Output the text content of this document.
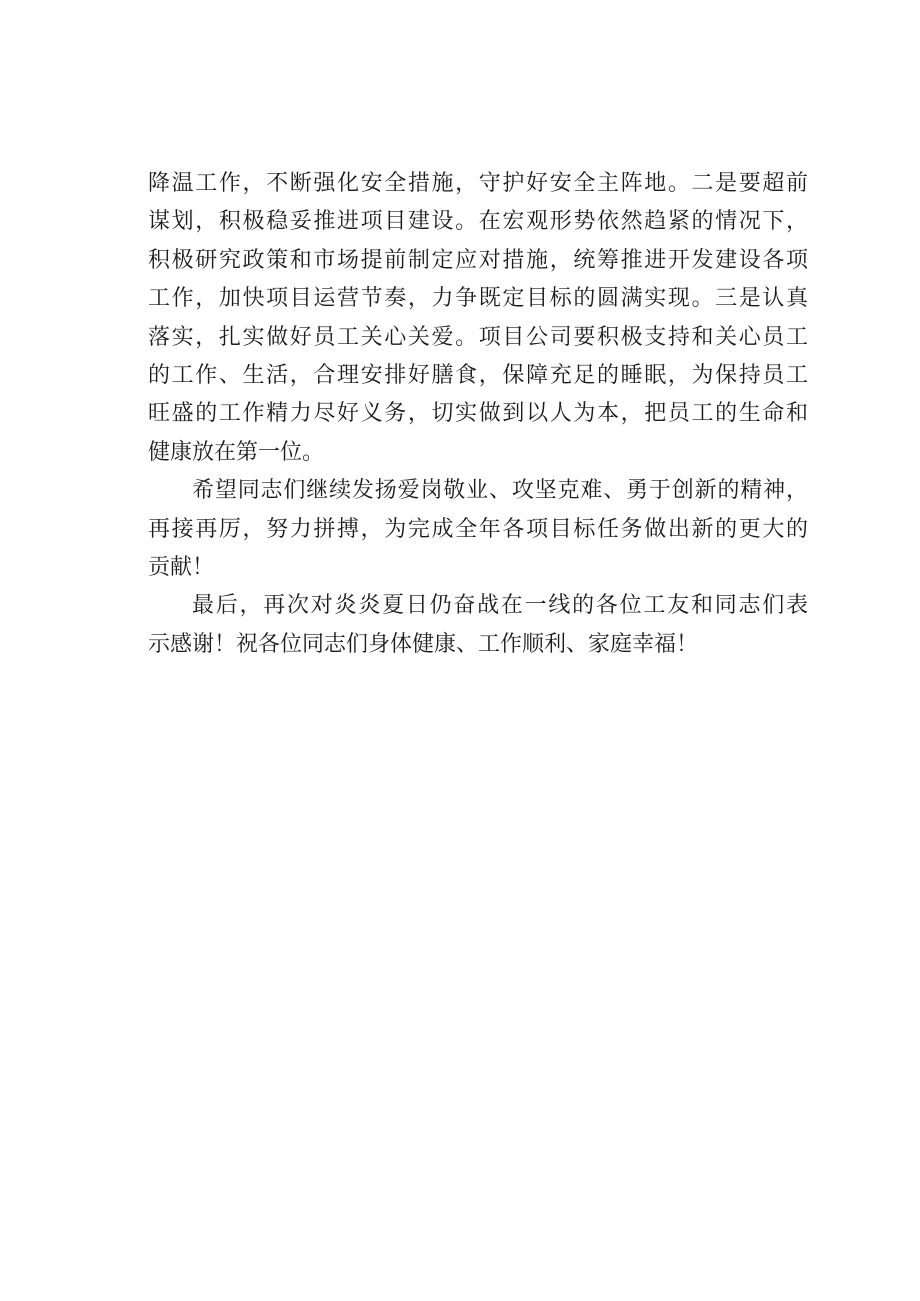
降温工作，不断强化安全措施，守护好安全主阵地。二是要超前
谋划，积极稳妥推进项目建设。在宏观形势依然趋紧的情况下，
积极研究政策和市场提前制定应对措施，统筹推进开发建设各项
工作，加快项目运营节奏，力争既定目标的圆满实现。三是认真
落实，扎实做好员工关心关爱。项目公司要积极支持和关心员工
的工作、生活，合理安排好膳食，保障充足的睡眠，为保持员工
旺盛的工作精力尽好义务，切实做到以人为本，把员工的生命和
健康放在第一位。
希望同志们继续发扬爱岗敬业、攻坚克难、勇于创新的精神，
再接再厉，努力拼搏，为完成全年各项目标任务做出新的更大的
贡献！
最后，再次对炎炎夏日仍奋战在一线的各位工友和同志们表
示感谢！祝各位同志们身体健康、工作顺利、家庭幸福！
